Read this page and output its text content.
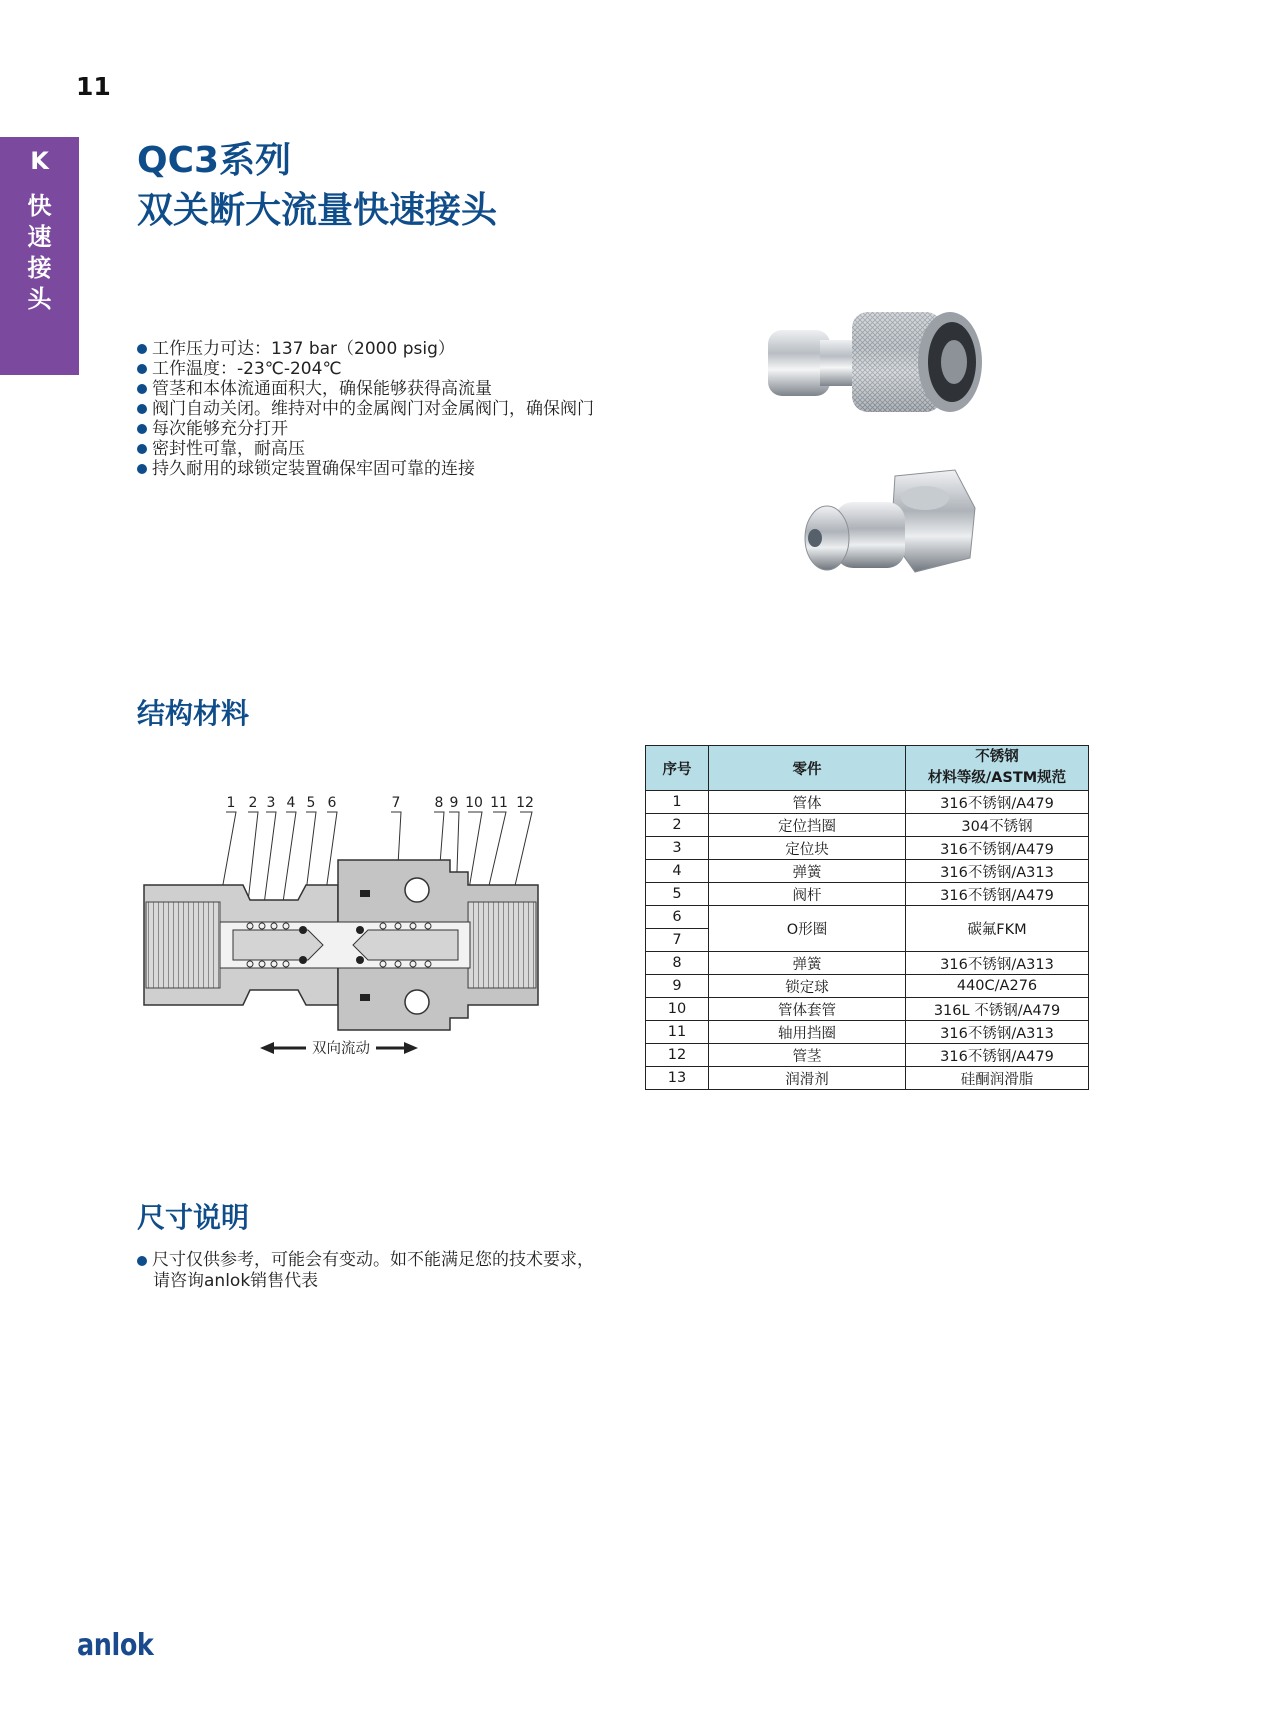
11
K
快速接头
QC3系列
双关断大流量快速接头
工作压力可达：137 bar（2000 psig）
工作温度：-23℃-204℃
管茎和本体流通面积大，确保能够获得高流量
阀门自动关闭。维持对中的金属阀门对金属阀门，确保阀门
每次能够充分打开
密封性可靠，耐高压
持久耐用的球锁定装置确保牢固可靠的连接
结构材料
1 2 3 4 5 6	7 8 9 10 11 12
双向流动
序号	零件	不锈钢
材料等级/ASTM规范

1	管体	316不锈钢/A479
2	定位挡圈	304不锈钢
3	定位块	316不锈钢/A479
4	弹簧	316不锈钢/A313
5	阀杆	316不锈钢/A479
6	O形圈	碳氟FKM
7		
8	弹簧	316不锈钢/A313
9	锁定球	440C/A276
10	管体套管	316L 不锈钢/A479
11	轴用挡圈	316不锈钢/A313
12	管茎	316不锈钢/A479
13	润滑剂	硅酮润滑脂
尺寸说明
尺寸仅供参考，可能会有变动。如不能满足您的技术要求，
请咨询anlok销售代表
anlok
